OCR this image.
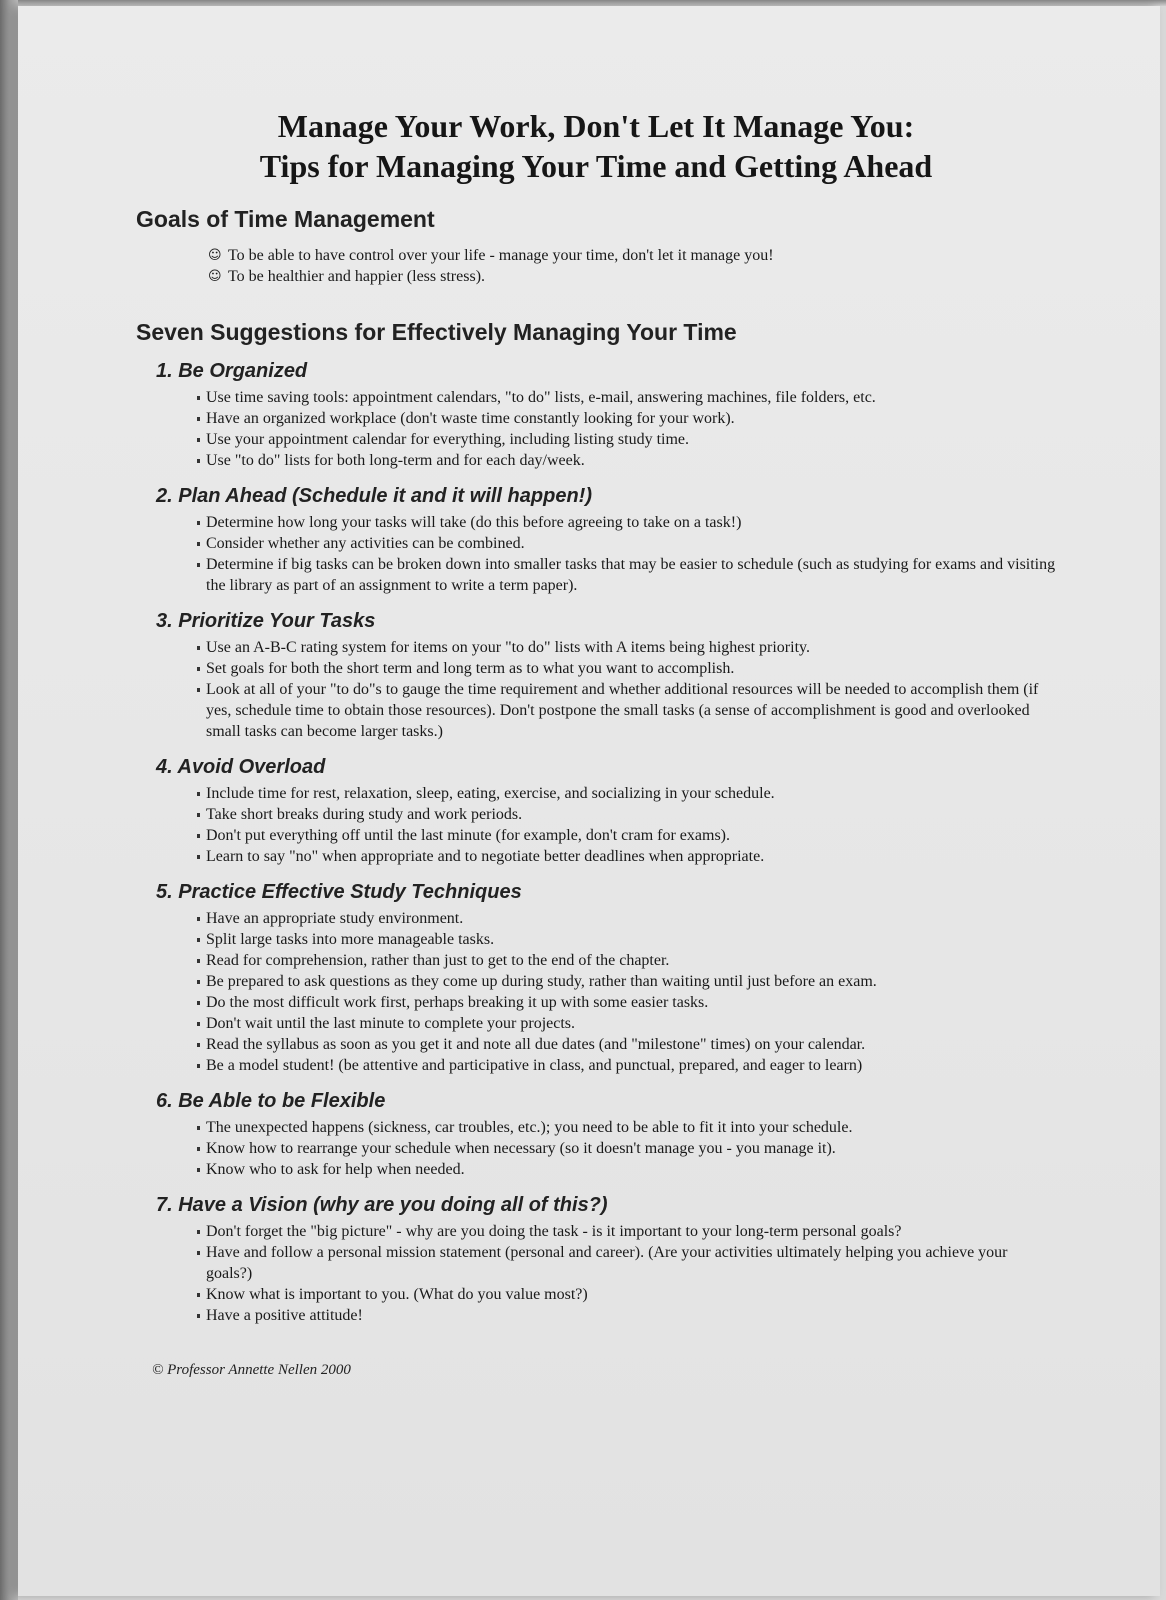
Manage Your Work, Don't Let It Manage You:
Tips for Managing Your Time and Getting Ahead
Goals of Time Management
☺ To be able to have control over your life - manage your time, don't let it manage you!
☺ To be healthier and happier (less stress).
Seven Suggestions for Effectively Managing Your Time
1. Be Organized
Use time saving tools: appointment calendars, "to do" lists, e-mail, answering machines, file folders, etc.
Have an organized workplace (don't waste time constantly looking for your work).
Use your appointment calendar for everything, including listing study time.
Use "to do" lists for both long-term and for each day/week.
2. Plan Ahead (Schedule it and it will happen!)
Determine how long your tasks will take (do this before agreeing to take on a task!)
Consider whether any activities can be combined.
Determine if big tasks can be broken down into smaller tasks that may be easier to schedule (such as studying for exams and visiting the library as part of an assignment to write a term paper).
3. Prioritize Your Tasks
Use an A-B-C rating system for items on your "to do" lists with A items being highest priority.
Set goals for both the short term and long term as to what you want to accomplish.
Look at all of your "to do"s to gauge the time requirement and whether additional resources will be needed to accomplish them (if yes, schedule time to obtain those resources). Don't postpone the small tasks (a sense of accomplishment is good and overlooked small tasks can become larger tasks.)
4. Avoid Overload
Include time for rest, relaxation, sleep, eating, exercise, and socializing in your schedule.
Take short breaks during study and work periods.
Don't put everything off until the last minute (for example, don't cram for exams).
Learn to say "no" when appropriate and to negotiate better deadlines when appropriate.
5. Practice Effective Study Techniques
Have an appropriate study environment.
Split large tasks into more manageable tasks.
Read for comprehension, rather than just to get to the end of the chapter.
Be prepared to ask questions as they come up during study, rather than waiting until just before an exam.
Do the most difficult work first, perhaps breaking it up with some easier tasks.
Don't wait until the last minute to complete your projects.
Read the syllabus as soon as you get it and note all due dates (and "milestone" times) on your calendar.
Be a model student! (be attentive and participative in class, and punctual, prepared, and eager to learn)
6. Be Able to be Flexible
The unexpected happens (sickness, car troubles, etc.); you need to be able to fit it into your schedule.
Know how to rearrange your schedule when necessary (so it doesn't manage you - you manage it).
Know who to ask for help when needed.
7. Have a Vision (why are you doing all of this?)
Don't forget the "big picture" - why are you doing the task - is it important to your long-term personal goals?
Have and follow a personal mission statement (personal and career). (Are your activities ultimately helping you achieve your goals?)
Know what is important to you. (What do you value most?)
Have a positive attitude!
© Professor Annette Nellen 2000
